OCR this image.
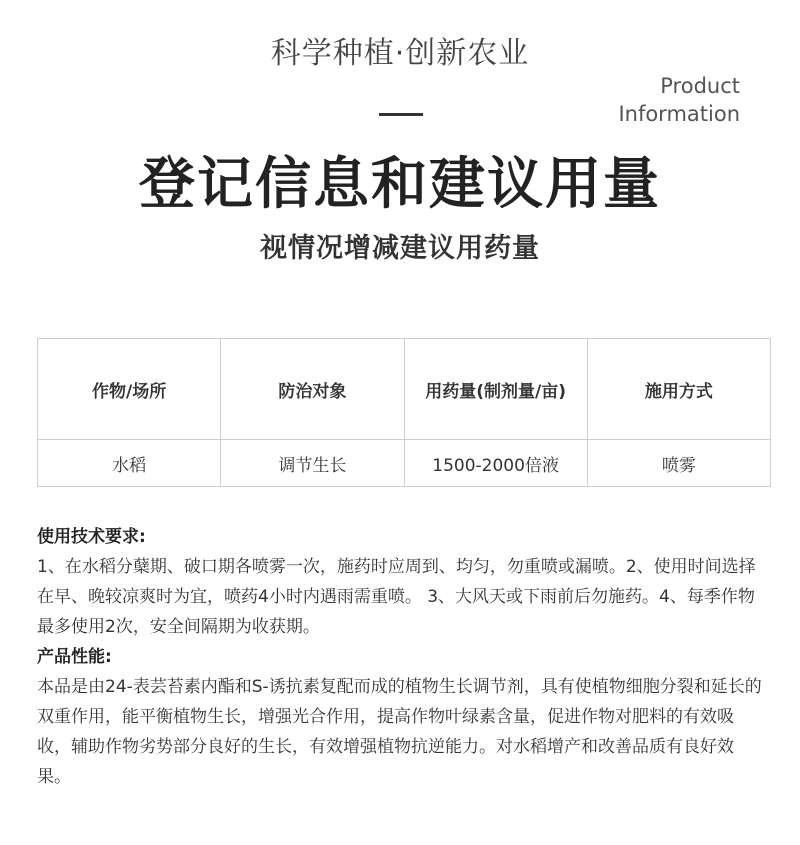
科学种植·创新农业
Product
Information
登记信息和建议用量
视情况增减建议用药量
作物/场所	防治对象	用药量(制剂量/亩)	施用方式
水稻	调节生长	1500-2000倍液	喷雾

使用技术要求:

1、在水稻分蘖期、破口期各喷雾一次，施药时应周到、均匀，勿重喷或漏喷。2、使用时间选择在早、晚较凉爽时为宜，喷药4小时内遇雨需重喷。 3、大风天或下雨前后勿施药。4、每季作物最多使用2次，安全间隔期为收获期。

产品性能:

本品是由24-表芸苔素内酯和S-诱抗素复配而成的植物生长调节剂，具有使植物细胞分裂和延长的双重作用，能平衡植物生长，增强光合作用，提高作物叶绿素含量，促进作物对肥料的有效吸收，辅助作物劣势部分良好的生长，有效增强植物抗逆能力。对水稻增产和改善品质有良好效果。
